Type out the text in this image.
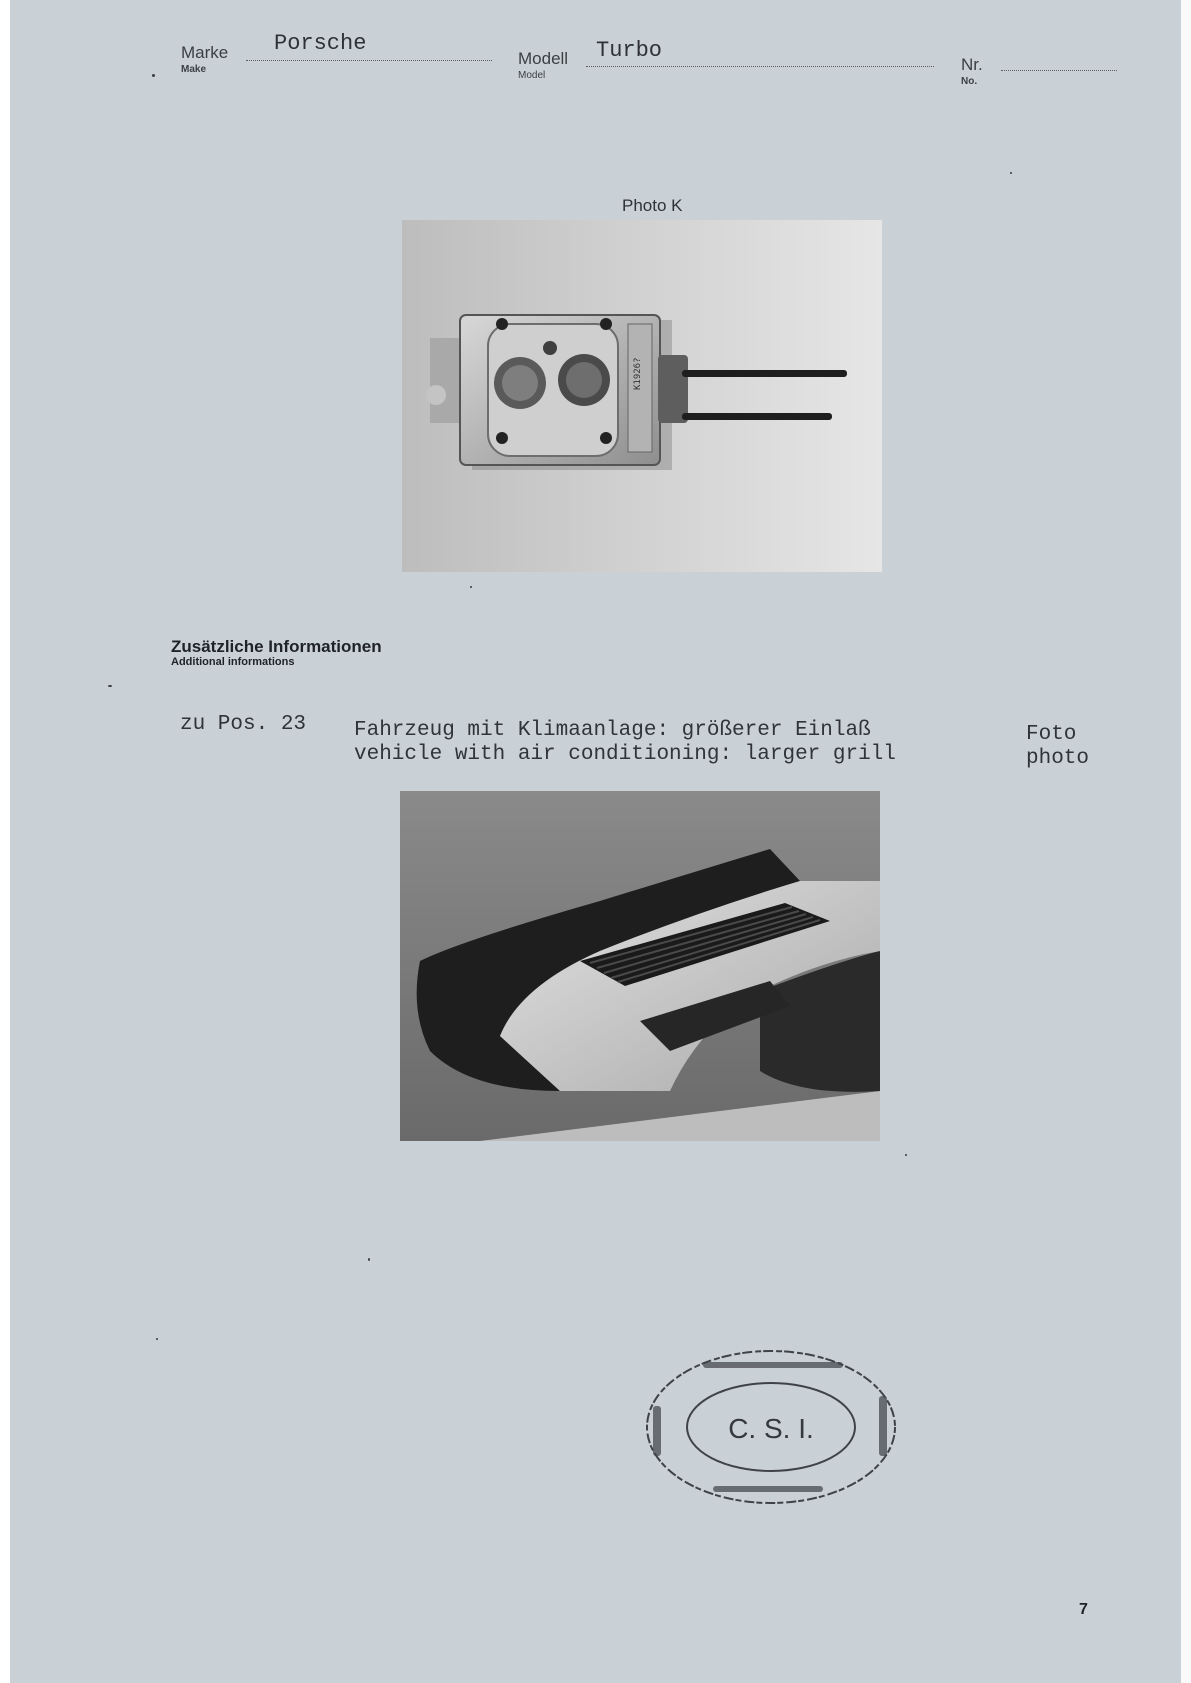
Marke
Make
Porsche
Modell
Model
Turbo
Nr.
No.
Photo K
K1926?
Zusätzliche Informationen
Additional informations
zu Pos. 23 Fahrzeug mit Klimaanlage: größerer Einlaß
vehicle with air conditioning: larger grill
Foto
photo
C. S. I.
7
